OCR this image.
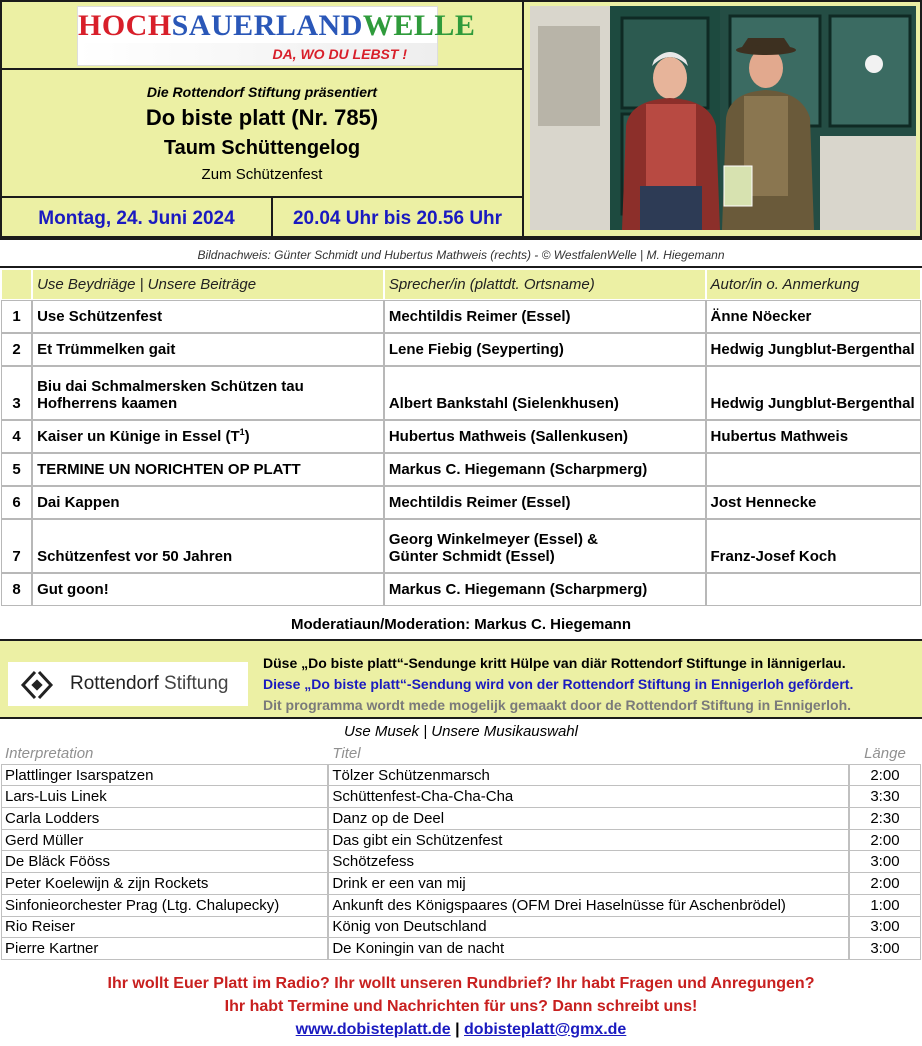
HOCHSAUERLANDWELLE
DA, WO DU LEBST !
Die Rottendorf Stiftung präsentiert
Do biste platt (Nr. 785)
Taum Schüttengelog
Zum Schützenfest
Montag, 24. Juni 2024	20.04 Uhr bis 20.56 Uhr
Bildnachweis: Günter Schmidt und Hubertus Mathweis (rechts) - © WestfalenWelle | M. Hiegemann
	Use Beydriäge | Unsere Beiträge	Sprecher/in (plattdt. Ortsname)	Autor/in o. Anmerkung
1	Use Schützenfest	Mechtildis Reimer (Essel)	Änne Nöecker
2	Et Trümmelken gait	Lene Fiebig (Seyperting)	Hedwig Jungblut-Bergenthal
3	Biu dai Schmalmersken Schützen tau
Hofherrens kaamen	Albert Bankstahl (Sielenkhusen)	Hedwig Jungblut-Bergenthal
4	Kaiser un Künige in Essel $(T^1)$	Hubertus Mathweis (Sallenkusen)	Hubertus Mathweis
5	TERMINE UN NORICHTEN OP PLATT	Markus C. Hiegemann (Scharpmerg)	
6	Dai Kappen	Mechtildis Reimer (Essel)	Jost Hennecke
7	Schützenfest vor 50 Jahren	Georg Winkelmeyer (Essel) &
Günter Schmidt (Essel)	Franz-Josef Koch
8	Gut goon!	Markus C. Hiegemann (Scharpmerg)	
Moderatiaun/Moderation: Markus C. Hiegemann
Rottendorf Stiftung
Düse „Do biste platt“-Sendunge kritt Hülpe van diär Rottendorf Stiftunge in lännigerlau.
Diese „Do biste platt“-Sendung wird von der Rottendorf Stiftung in Ennigerloh gefördert.
Dit programma wordt mede mogelijk gemaakt door de Rottendorf Stiftung in Ennigerloh.
Use Musek | Unsere Musikauswahl
Interpretation	Titel	Länge
Plattlinger Isarspatzen	Tölzer Schützenmarsch	2:00
Lars-Luis Linek	Schüttenfest-Cha-Cha-Cha	3:30
Carla Lodders	Danz op de Deel	2:30
Gerd Müller	Das gibt ein Schützenfest	2:00
De Bläck Fööss	Schötzefess	3:00
Peter Koelewijn & zijn Rockets	Drink er een van mij	2:00
Sinfonieorchester Prag (Ltg. Chalupecky)	Ankunft des Königspaares (OFM Drei Haselnüsse für Aschenbrödel)	1:00
Rio Reiser	König von Deutschland	3:00
Pierre Kartner	De Koningin van de nacht	3:00
Ihr wollt Euer Platt im Radio? Ihr wollt unseren Rundbrief? Ihr habt Fragen und Anregungen?
Ihr habt Termine und Nachrichten für uns? Dann schreibt uns!
www.dobisteplatt.de | dobisteplatt@gmx.de
